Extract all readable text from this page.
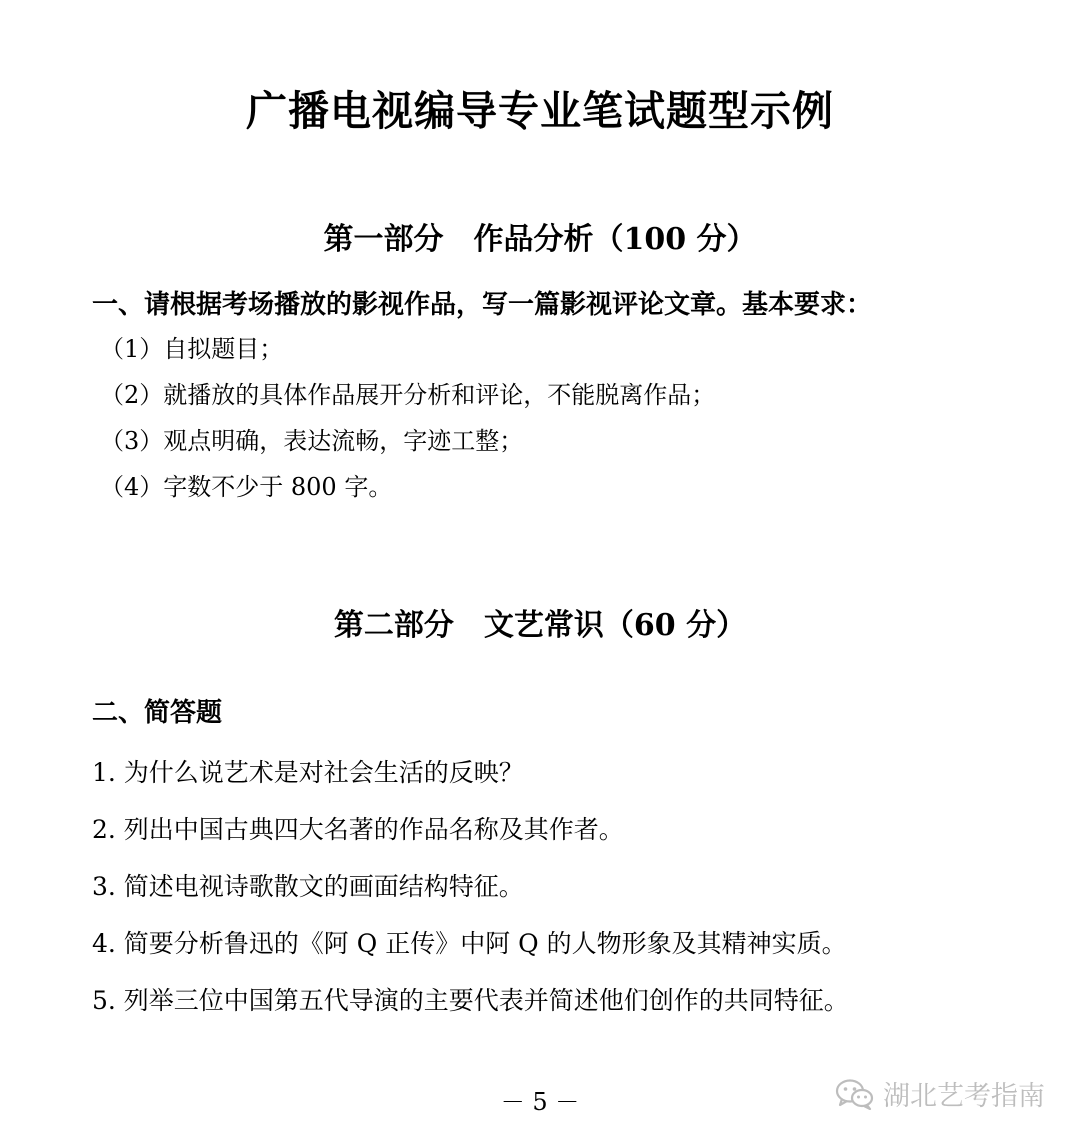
广播电视编导专业笔试题型示例
第一部分 作品分析（100 分）
一、请根据考场播放的影视作品，写一篇影视评论文章。基本要求：
（1）自拟题目；
（2）就播放的具体作品展开分析和评论，不能脱离作品；
（3）观点明确，表达流畅，字迹工整；
（4）字数不少于 800 字。
第二部分 文艺常识（60 分）
二、简答题
1. 为什么说艺术是对社会生活的反映？
2. 列出中国古典四大名著的作品名称及其作者。
3. 简述电视诗歌散文的画面结构特征。
4. 简要分析鲁迅的《阿 Q 正传》中阿 Q 的人物形象及其精神实质。
5. 列举三位中国第五代导演的主要代表并简述他们创作的共同特征。
－ 5 －	湖北艺考指南
